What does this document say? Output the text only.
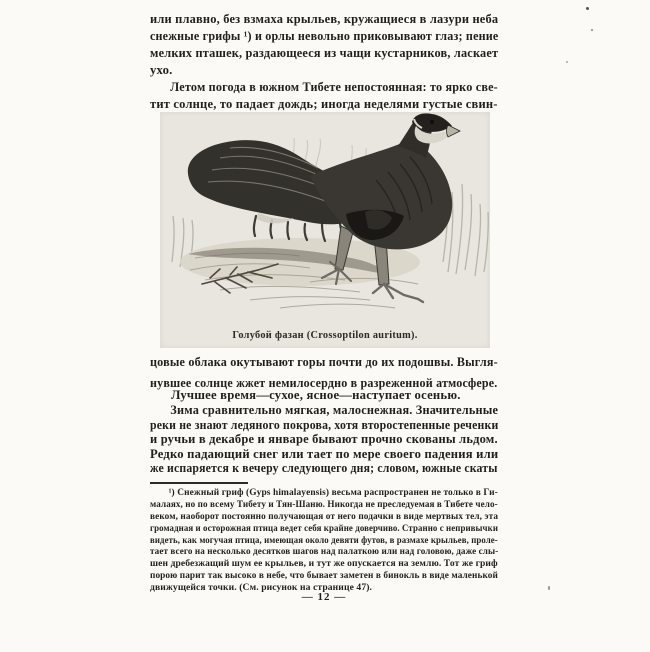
или плавно, без взмаха крыльев, кружащиеся в лазури неба
снежные грифы ¹) и орлы невольно приковывают глаз; пение
мелких пташек, раздающееся из чащи кустарников, ласкает
ухо.
Летом погода в южном Тибете непостоянная: то ярко све-
тит солнце, то падает дождь; иногда неделями густые свин-
Голубой фазан (Crossoptilon auritum).
цовые облака окутывают горы почти до их подошвы. Выгля-
нувшее солнце жжет немилосердно в разреженной атмосфере.
Лучшее время—сухое, ясное—наступает осенью.
Зима сравнительно мягкая, малоснежная. Значительные
реки не знают ледяного покрова, хотя второстепенные реченки
и ручьи в декабре и январе бывают прочно скованы льдом.
Редко падающий снег или тает по мере своего падения или
же испаряется к вечеру следующего дня; словом, южные скаты
¹) Снежный гриф (Gyps himalayensis) весьма распространен не только в Ги-
малаях, но по всему Тибету и Тян-Шаню. Никогда не преследуемая в Тибете чело-
веком, наоборот постоянно получающая от него подачки в виде мертвых тел, эта
громадная и осторожная птица ведет себя крайне доверчиво. Странно с непривычки
видеть, как могучая птица, имеющая около девяти футов, в размахе крыльев, проле-
тает всего на несколько десятков шагов над палаткою или над головою, даже слы-
шен дребезжащий шум ее крыльев, и тут же опускается на землю. Тот же гриф
порою парит так высоко в небе, что бывает заметен в бинокль в виде маленькой
движущейся точки. (См. рисунок на странице 47).
— 12 —
